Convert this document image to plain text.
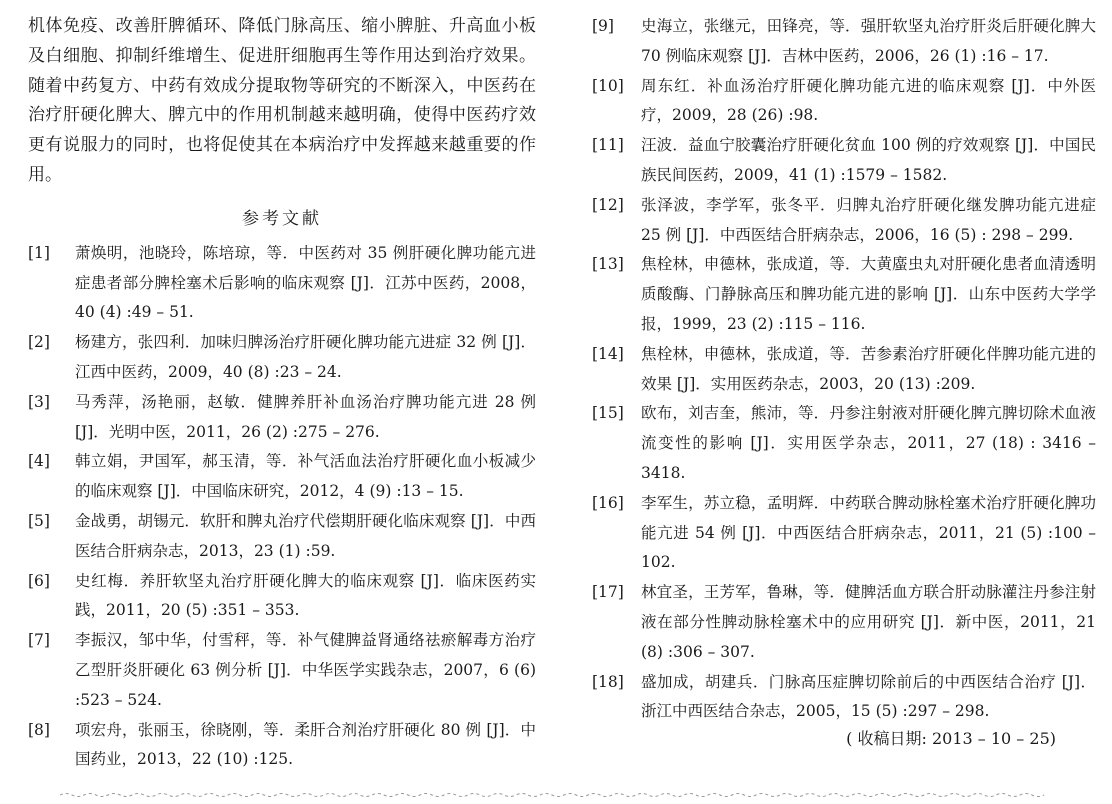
机体免疫、改善肝脾循环、降低门脉高压、缩小脾脏、升高血小板及白细胞、抑制纤维增生、促进肝细胞再生等作用达到治疗效果。随着中药复方、中药有效成分提取物等研究的不断深入，中医药在治疗肝硬化脾大、脾亢中的作用机制越来越明确，使得中医药疗效更有说服力的同时，也将促使其在本病治疗中发挥越来越重要的作用。

参考文献
[1] 萧焕明，池晓玲，陈培琼，等．中医药对 35 例肝硬化脾功能亢进症患者部分脾栓塞术后影响的临床观察 [J]．江苏中医药，2008，40 (4) :49 – 51.
[2] 杨建方，张四利．加味归脾汤治疗肝硬化脾功能亢进症 32 例 [J]．江西中医药，2009，40 (8) :23 – 24.
[3] 马秀萍，汤艳丽，赵敏．健脾养肝补血汤治疗脾功能亢进 28 例 [J]．光明中医，2011，26 (2) :275 – 276.
[4] 韩立娟，尹国军，郝玉清，等．补气活血法治疗肝硬化血小板减少的临床观察 [J]．中国临床研究，2012，4 (9) :13 – 15.
[5] 金战勇，胡锡元．软肝和脾丸治疗代偿期肝硬化临床观察 [J]．中西医结合肝病杂志，2013，23 (1) :59.
[6] 史红梅．养肝软坚丸治疗肝硬化脾大的临床观察 [J]．临床医药实践，2011，20 (5) :351 – 353.
[7] 李振汉，邹中华，付雪秤，等．补气健脾益肾通络祛瘀解毒方治疗乙型肝炎肝硬化 63 例分析 [J]．中华医学实践杂志，2007，6 (6) :523 – 524.
[8] 项宏舟，张丽玉，徐晓刚，等．柔肝合剂治疗肝硬化 80 例 [J]．中国药业，2013，22 (10) :125.
[9] 史海立，张继元，田锋亮，等．强肝软坚丸治疗肝炎后肝硬化脾大 70 例临床观察 [J]．吉林中医药，2006，26 (1) :16 – 17.
[10] 周东红．补血汤治疗肝硬化脾功能亢进的临床观察 [J]．中外医疗，2009，28 (26) :98.
[11] 汪波．益血宁胶囊治疗肝硬化贫血 100 例的疗效观察 [J]．中国民族民间医药，2009，41 (1) :1579 – 1582.
[12] 张泽波，李学军，张冬平．归脾丸治疗肝硬化继发脾功能亢进症 25 例 [J]．中西医结合肝病杂志，2006，16 (5) : 298 – 299.
[13] 焦栓林，申德林，张成道，等．大黄䗪虫丸对肝硬化患者血清透明质酸酶、门静脉高压和脾功能亢进的影响 [J]．山东中医药大学学报，1999，23 (2) :115 – 116.
[14] 焦栓林，申德林，张成道，等．苦参素治疗肝硬化伴脾功能亢进的效果 [J]．实用医药杂志，2003，20 (13) :209.
[15] 欧布，刘吉奎，熊沛，等．丹参注射液对肝硬化脾亢脾切除术血液流变性的影响 [J]．实用医学杂志，2011，27 (18) : 3416 – 3418.
[16] 李军生，苏立稳，孟明辉．中药联合脾动脉栓塞术治疗肝硬化脾功能亢进 54 例 [J]．中西医结合肝病杂志，2011，21 (5) :100 – 102.
[17] 林宜圣，王芳军，鲁琳，等．健脾活血方联合肝动脉灌注丹参注射液在部分性脾动脉栓塞术中的应用研究 [J]．新中医，2011，21 (8) :306 – 307.
[18] 盛加成，胡建兵．门脉高压症脾切除前后的中西医结合治疗 [J]．浙江中西医结合杂志，2005，15 (5) :297 – 298.
( 收稿日期: 2013 – 10 – 25)
